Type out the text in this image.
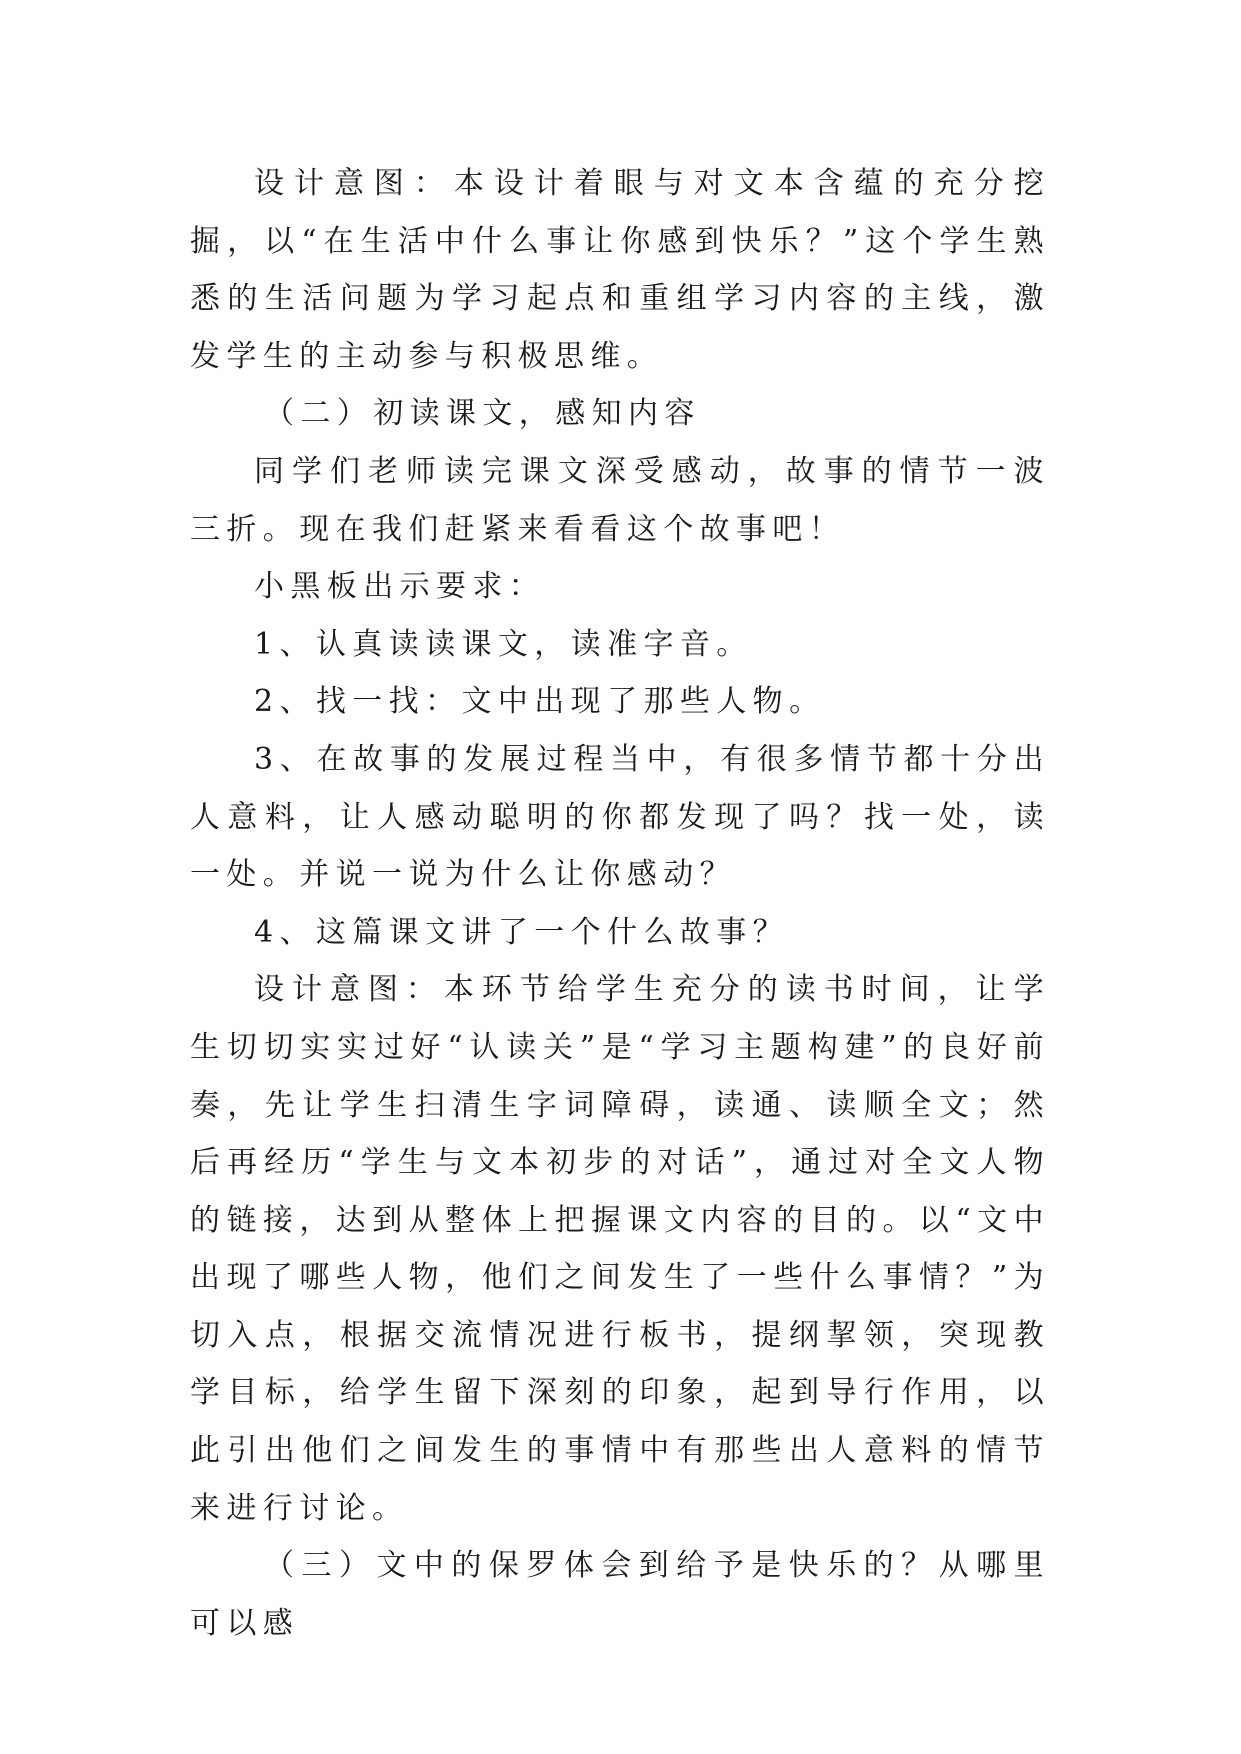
设计意图：本设计着眼与对文本含蕴的充分挖掘，以“在生活中什么事让你感到快乐？”这个学生熟悉的生活问题为学习起点和重组学习内容的主线，激发学生的主动参与积极思维。

（二）初读课文，感知内容

同学们老师读完课文深受感动，故事的情节一波三折。现在我们赶紧来看看这个故事吧！

小黑板出示要求：

1、认真读读课文，读准字音。

2、找一找：文中出现了那些人物。

3、在故事的发展过程当中，有很多情节都十分出人意料，让人感动聪明的你都发现了吗？找一处，读一处。并说一说为什么让你感动？

4、这篇课文讲了一个什么故事？

设计意图：本环节给学生充分的读书时间，让学生切切实实过好“认读关”是“学习主题构建”的良好前奏，先让学生扫清生字词障碍，读通、读顺全文；然后再经历“学生与文本初步的对话”，通过对全文人物的链接，达到从整体上把握课文内容的目的。以“文中出现了哪些人物，他们之间发生了一些什么事情？”为切入点，根据交流情况进行板书，提纲挈领，突现教学目标，给学生留下深刻的印象，起到导行作用，以此引出他们之间发生的事情中有那些出人意料的情节来进行讨论。

（三）文中的保罗体会到给予是快乐的？从哪里可以感
